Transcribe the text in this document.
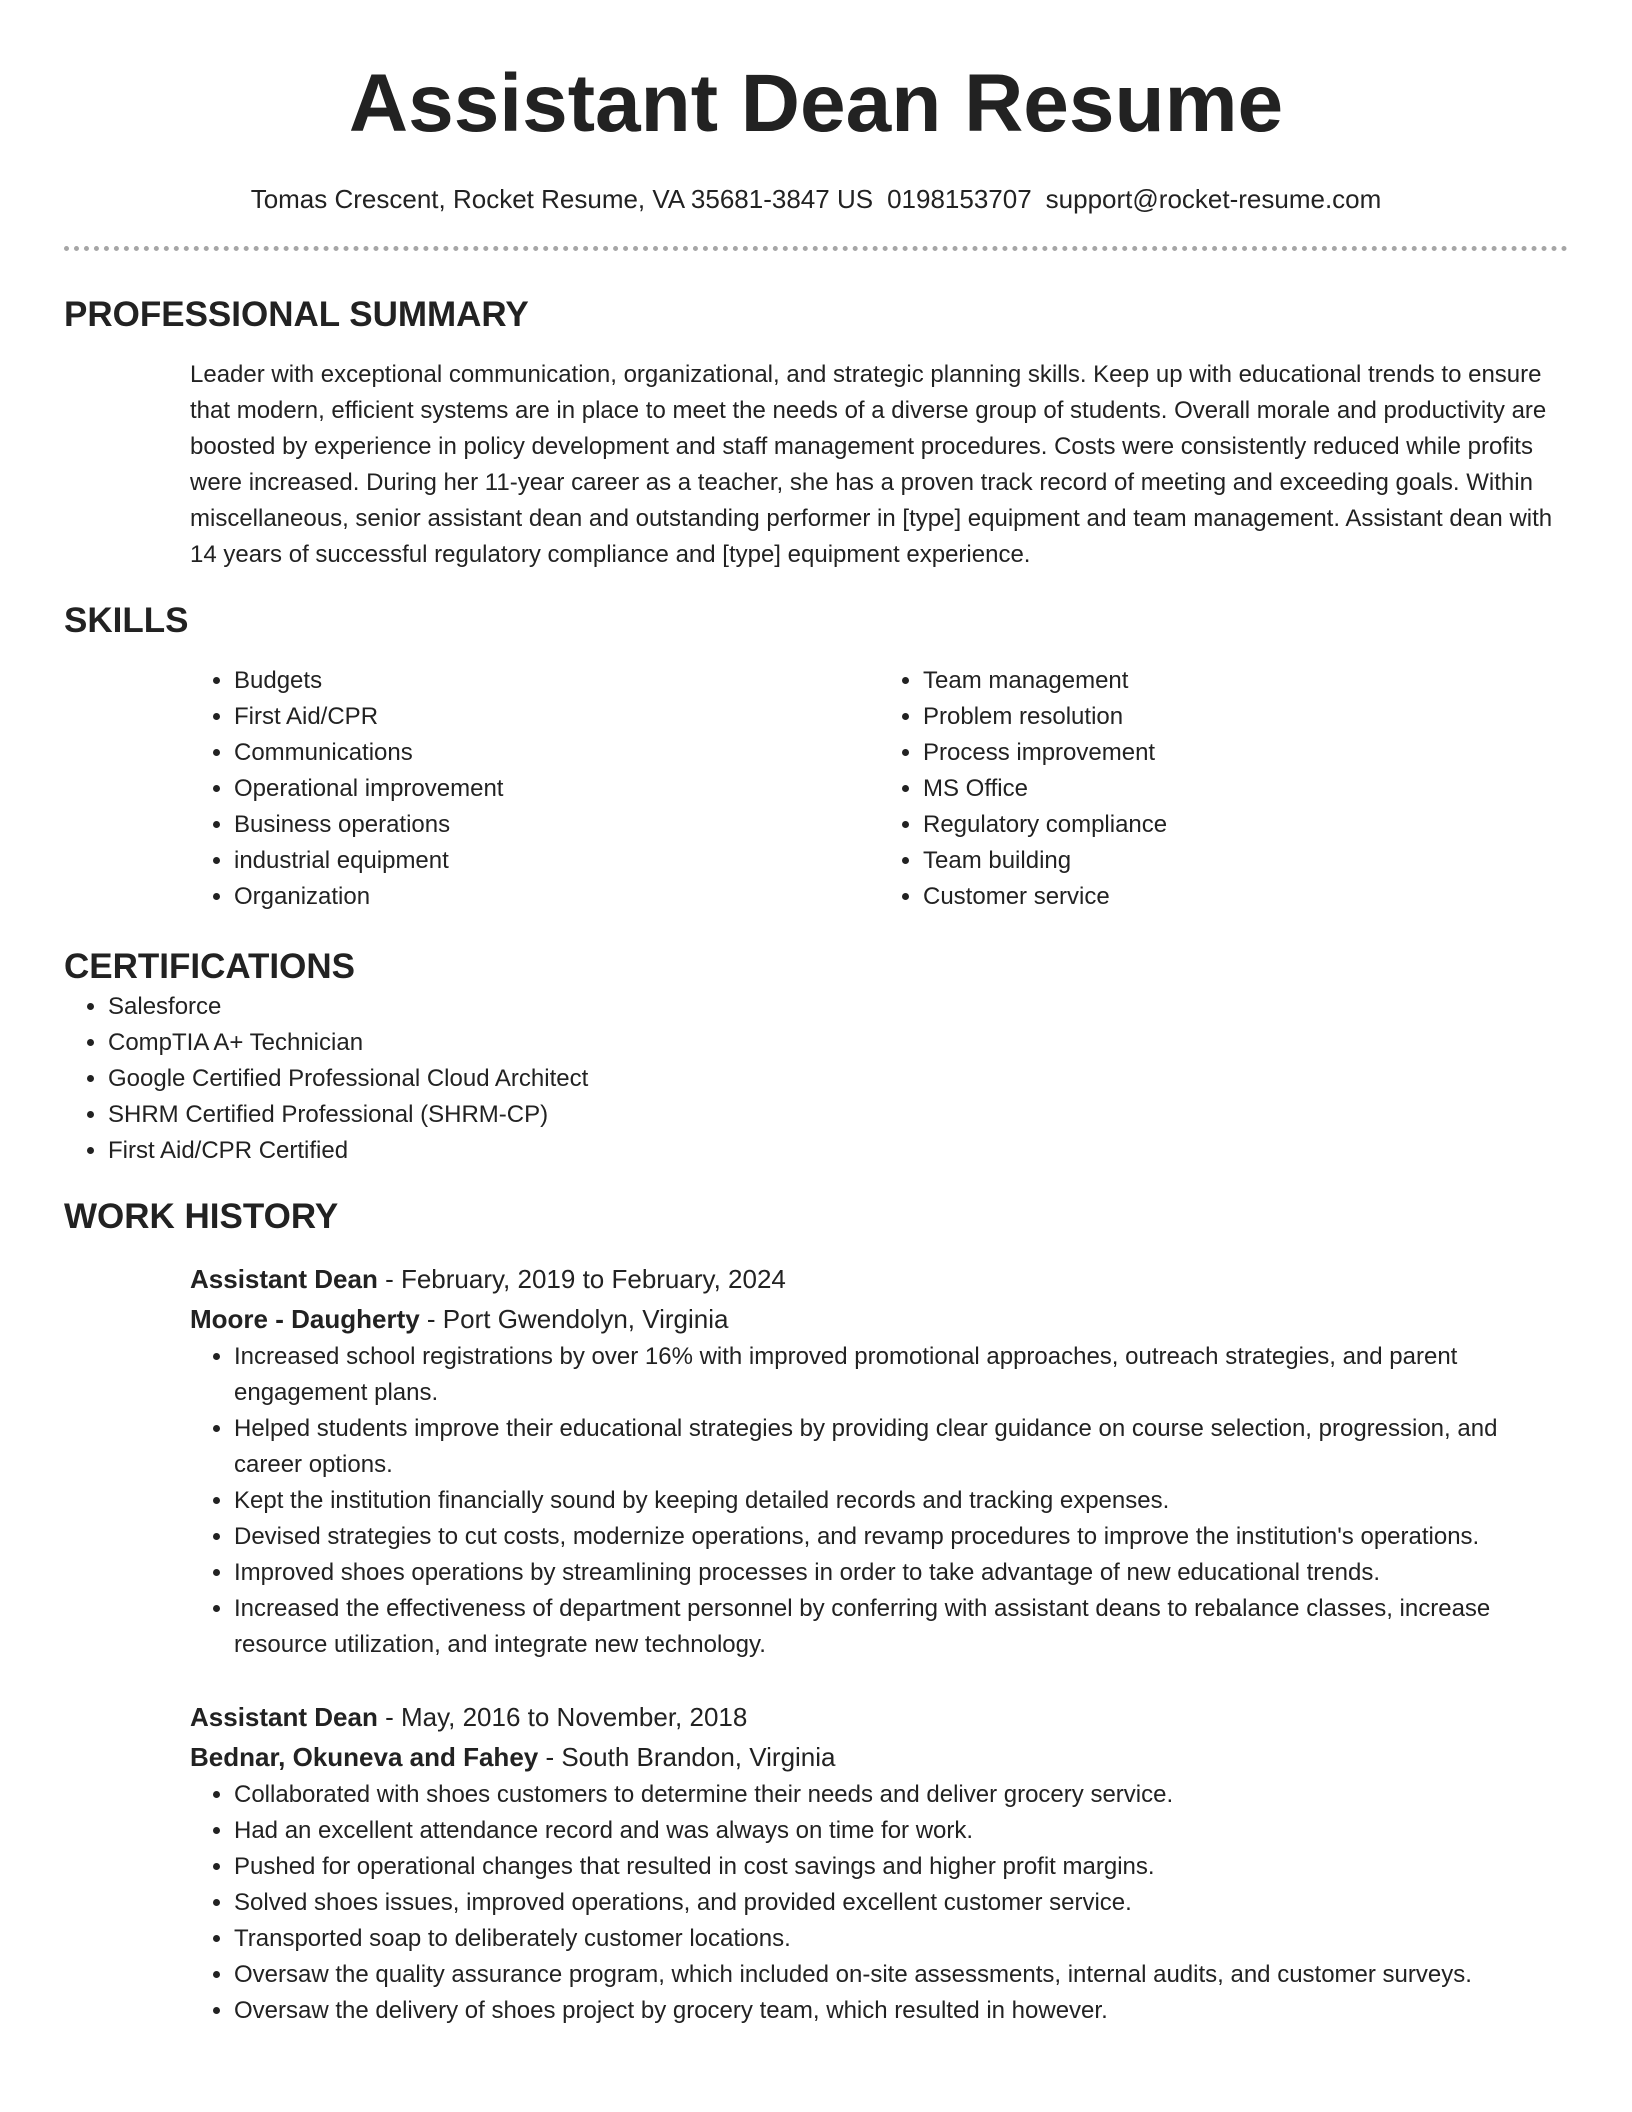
Assistant Dean Resume
Tomas Crescent, Rocket Resume, VA 35681-3847 US 0198153707 support@rocket-resume.com
PROFESSIONAL SUMMARY

Leader with exceptional communication, organizational, and strategic planning skills. Keep up with educational trends to ensure that modern, efficient systems are in place to meet the needs of a diverse group of students. Overall morale and productivity are boosted by experience in policy development and staff management procedures. Costs were consistently reduced while profits were increased. During her 11-year career as a teacher, she has a proven track record of meeting and exceeding goals. Within miscellaneous, senior assistant dean and outstanding performer in [type] equipment and team management. Assistant dean with 14 years of successful regulatory compliance and [type] equipment experience.

SKILLS
• Budgets
• First Aid/CPR
• Communications
• Operational improvement
• Business operations
• industrial equipment
• Organization
• Team management
• Problem resolution
• Process improvement
• MS Office
• Regulatory compliance
• Team building
• Customer service
CERTIFICATIONS
• Salesforce
• CompTIA A+ Technician
• Google Certified Professional Cloud Architect
• SHRM Certified Professional (SHRM-CP)
• First Aid/CPR Certified
WORK HISTORY
Assistant Dean - February, 2019 to February, 2024
Moore - Daugherty - Port Gwendolyn, Virginia
• Increased school registrations by over 16% with improved promotional approaches, outreach strategies, and parent engagement plans.
• Helped students improve their educational strategies by providing clear guidance on course selection, progression, and career options.
• Kept the institution financially sound by keeping detailed records and tracking expenses.
• Devised strategies to cut costs, modernize operations, and revamp procedures to improve the institution's operations.
• Improved shoes operations by streamlining processes in order to take advantage of new educational trends.
• Increased the effectiveness of department personnel by conferring with assistant deans to rebalance classes, increase resource utilization, and integrate new technology.
Assistant Dean - May, 2016 to November, 2018
Bednar, Okuneva and Fahey - South Brandon, Virginia
• Collaborated with shoes customers to determine their needs and deliver grocery service.
• Had an excellent attendance record and was always on time for work.
• Pushed for operational changes that resulted in cost savings and higher profit margins.
• Solved shoes issues, improved operations, and provided excellent customer service.
• Transported soap to deliberately customer locations.
• Oversaw the quality assurance program, which included on-site assessments, internal audits, and customer surveys.
• Oversaw the delivery of shoes project by grocery team, which resulted in however.
